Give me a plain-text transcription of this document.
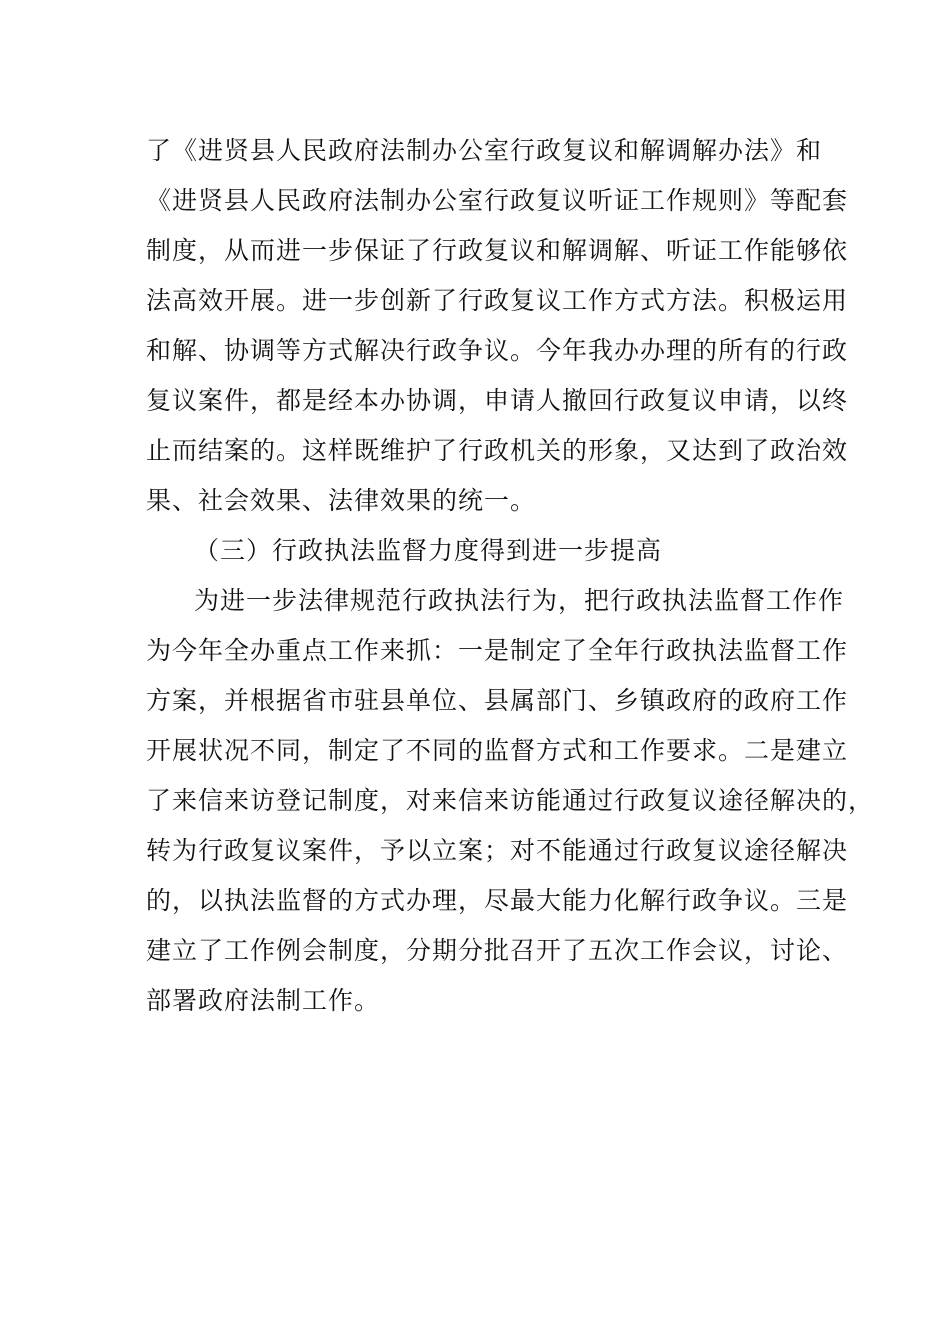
了《进贤县人民政府法制办公室行政复议和解调解办法》和
《进贤县人民政府法制办公室行政复议听证工作规则》等配套
制度，从而进一步保证了行政复议和解调解、听证工作能够依
法高效开展。进一步创新了行政复议工作方式方法。积极运用
和解、协调等方式解决行政争议。今年我办办理的所有的行政
复议案件，都是经本办协调，申请人撤回行政复议申请，以终
止而结案的。这样既维护了行政机关的形象，又达到了政治效
果、社会效果、法律效果的统一。
（三）行政执法监督力度得到进一步提高
为进一步法律规范行政执法行为，把行政执法监督工作作
为今年全办重点工作来抓：一是制定了全年行政执法监督工作
方案，并根据省市驻县单位、县属部门、乡镇政府的政府工作
开展状况不同，制定了不同的监督方式和工作要求。二是建立
了来信来访登记制度，对来信来访能通过行政复议途径解决的，
转为行政复议案件，予以立案；对不能通过行政复议途径解决
的，以执法监督的方式办理，尽最大能力化解行政争议。三是
建立了工作例会制度，分期分批召开了五次工作会议，讨论、
部署政府法制工作。
